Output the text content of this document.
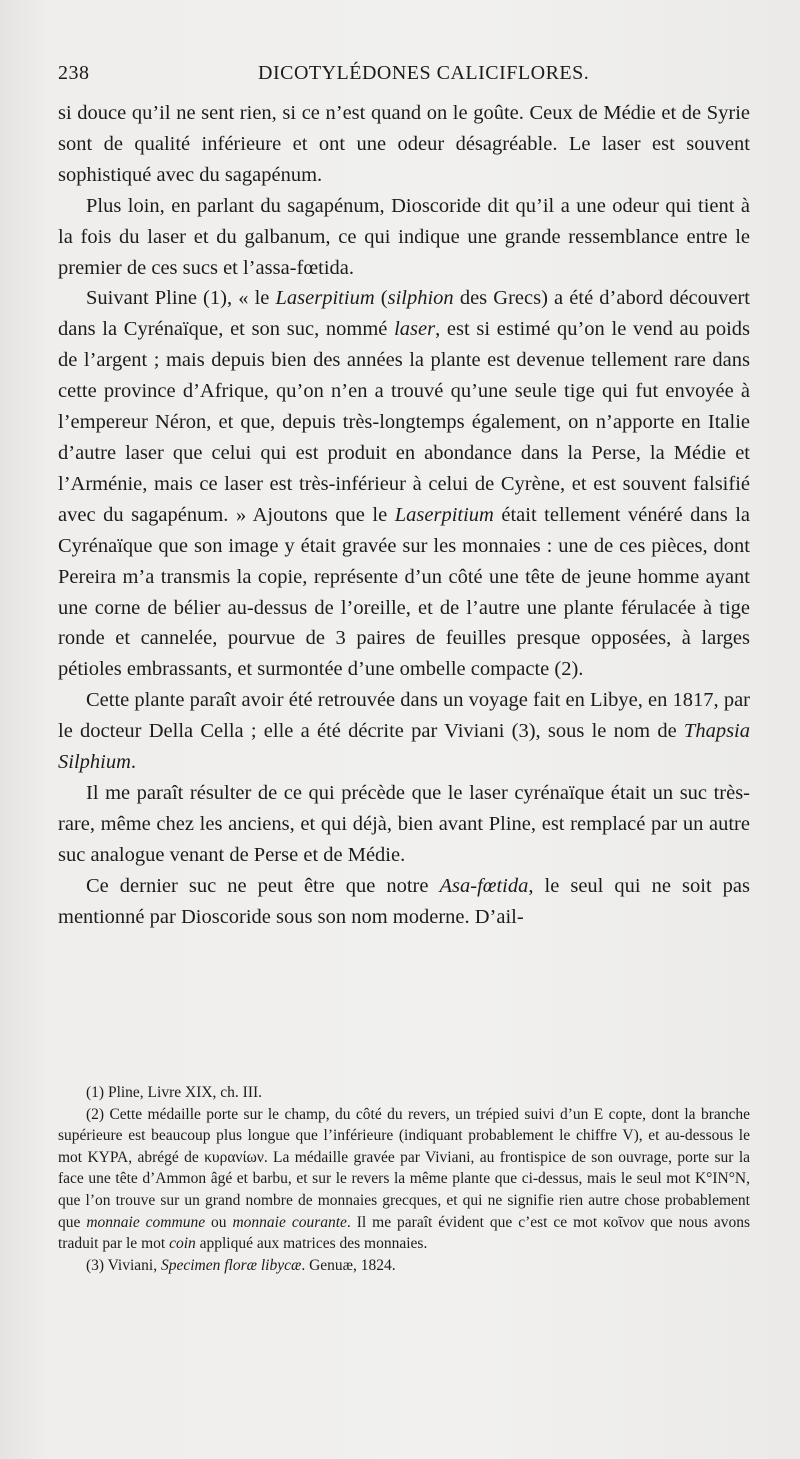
238	DICOTYLÉDONES CALICIFLORES.

si douce qu’il ne sent rien, si ce n’est quand on le goûte. Ceux de Médie et de Syrie sont de qualité inférieure et ont une odeur désagréable. Le laser est souvent sophistiqué avec du sagapénum.

Plus loin, en parlant du sagapénum, Dioscoride dit qu’il a une odeur qui tient à la fois du laser et du galbanum, ce qui indique une grande ressemblance entre le premier de ces sucs et l’assa-fœtida.

Suivant Pline (1), « le Laserpitium (silphion des Grecs) a été d’abord découvert dans la Cyrénaïque, et son suc, nommé laser, est si estimé qu’on le vend au poids de l’argent ; mais depuis bien des années la plante est devenue tellement rare dans cette province d’Afrique, qu’on n’en a trouvé qu’une seule tige qui fut envoyée à l’empereur Néron, et que, depuis très-longtemps également, on n’apporte en Italie d’autre laser que celui qui est produit en abondance dans la Perse, la Médie et l’Arménie, mais ce laser est très-inférieur à celui de Cyrène, et est souvent falsifié avec du sagapénum. » Ajoutons que le Laserpitium était tellement vénéré dans la Cyrénaïque que son image y était gravée sur les monnaies : une de ces pièces, dont Pereira m’a transmis la copie, représente d’un côté une tête de jeune homme ayant une corne de bélier au-dessus de l’oreille, et de l’autre une plante férulacée à tige ronde et cannelée, pourvue de 3 paires de feuilles presque opposées, à larges pétioles embrassants, et surmontée d’une ombelle compacte (2).

Cette plante paraît avoir été retrouvée dans un voyage fait en Libye, en 1817, par le docteur Della Cella ; elle a été décrite par Viviani (3), sous le nom de Thapsia Silphium.

Il me paraît résulter de ce qui précède que le laser cyrénaïque était un suc très-rare, même chez les anciens, et qui déjà, bien avant Pline, est remplacé par un autre suc analogue venant de Perse et de Médie.

Ce dernier suc ne peut être que notre Asa-fœtida, le seul qui ne soit pas mentionné par Dioscoride sous son nom moderne. D’ail-

(1) Pline, Livre XIX, ch. III.

(2) Cette médaille porte sur le champ, du côté du revers, un trépied suivi d’un E copte, dont la branche supérieure est beaucoup plus longue que l’inférieure (indiquant probablement le chiffre V), et au-dessous le mot ΚΥΡΑ, abrégé de κυρανίων. La médaille gravée par Viviani, au frontispice de son ouvrage, porte sur la face une tête d’Ammon âgé et barbu, et sur le revers la même plante que ci-dessus, mais le seul mot Κ°ΙΝ°Ν, que l’on trouve sur un grand nombre de monnaies grecques, et qui ne signifie rien autre chose probablement que monnaie commune ou monnaie courante. Il me paraît évident que c’est ce mot κοῖνον que nous avons traduit par le mot coin appliqué aux matrices des monnaies.

(3) Viviani, Specimen floræ libycæ. Genuæ, 1824.
